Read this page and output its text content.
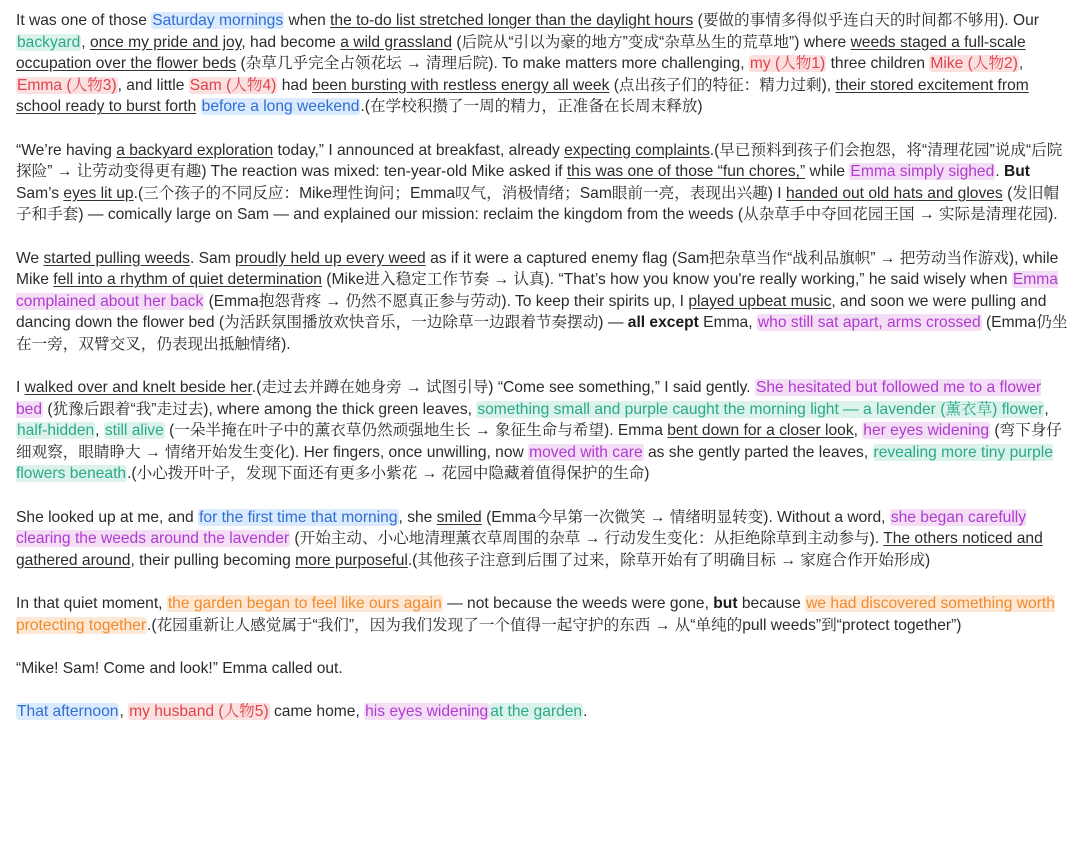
It was one of those Saturday mornings when the to-do list stretched longer than the daylight hours (要做的事情多得似乎连白天的时间都不够用). Our backyard, once my pride and joy, had become a wild grassland (后院从“引以为豪的地方”变成“杂草丛生的荒草地”) where weeds staged a full-scale occupation over the flower beds (杂草几乎完全占领花坛 → 清理后院). To make matters more challenging, my (人物1) three children Mike (人物2), Emma (人物3), and little Sam (人物4) had been bursting with restless energy all week (点出孩子们的特征：精力过剩), their stored excitement from school ready to burst forth before a long weekend.(在学校积攒了一周的精力，正准备在长周末释放)

“We’re having a backyard exploration today,” I announced at breakfast, already expecting complaints.(早已预料到孩子们会抱怨，将“清理花园”说成“后院探险” → 让劳动变得更有趣) The reaction was mixed: ten-year-old Mike asked if this was one of those “fun chores,” while Emma simply sighed. But Sam’s eyes lit up.(三个孩子的不同反应：Mike理性询问；Emma叹气，消极情绪；Sam眼前一亮，表现出兴趣) I handed out old hats and gloves (发旧帽子和手套) — comically large on Sam — and explained our mission: reclaim the kingdom from the weeds (从杂草手中夺回花园王国 → 实际是清理花园).

We started pulling weeds. Sam proudly held up every weed as if it were a captured enemy flag (Sam把杂草当作“战利品旗帜” → 把劳动当作游戏), while Mike fell into a rhythm of quiet determination (Mike进入稳定工作节奏 → 认真). “That’s how you know you're really working,” he said wisely when Emma complained about her back (Emma抱怨背疼 → 仍然不愿真正参与劳动). To keep their spirits up, I played upbeat music, and soon we were pulling and dancing down the flower bed (为活跃氛围播放欢快音乐，一边除草一边跟着节奏摆动) — all except Emma, who still sat apart, arms crossed (Emma仍坐在一旁，双臂交叉，仍表现出抵触情绪).

I walked over and knelt beside her.(走过去并蹲在她身旁 → 试图引导) “Come see something,” I said gently. She hesitated but followed me to a flower bed (犹豫后跟着“我”走过去), where among the thick green leaves, something small and purple caught the morning light — a lavender (薰衣草) flower, half-hidden, still alive (一朵半掩在叶子中的薰衣草仍然顽强地生长 → 象征生命与希望). Emma bent down for a closer look, her eyes widening (弯下身仔细观察，眼睛睁大 → 情绪开始发生变化). Her fingers, once unwilling, now moved with care as she gently parted the leaves, revealing more tiny purple flowers beneath.(小心拨开叶子，发现下面还有更多小紫花 → 花园中隐藏着值得保护的生命)

She looked up at me, and for the first time that morning, she smiled (Emma今早第一次微笑 → 情绪明显转变). Without a word, she began carefully clearing the weeds around the lavender (开始主动、小心地清理薰衣草周围的杂草 → 行动发生变化：从拒绝除草到主动参与). The others noticed and gathered around, their pulling becoming more purposeful.(其他孩子注意到后围了过来，除草开始有了明确目标 → 家庭合作开始形成)

In that quiet moment, the garden began to feel like ours again — not because the weeds were gone, but because we had discovered something worth protecting together.(花园重新让人感觉属于“我们”，因为我们发现了一个值得一起守护的东西 → 从“单纯的pull weeds”到“protect together”)

“Mike! Sam! Come and look!” Emma called out.

That afternoon, my husband (人物5) came home, his eyes widening at the garden.
